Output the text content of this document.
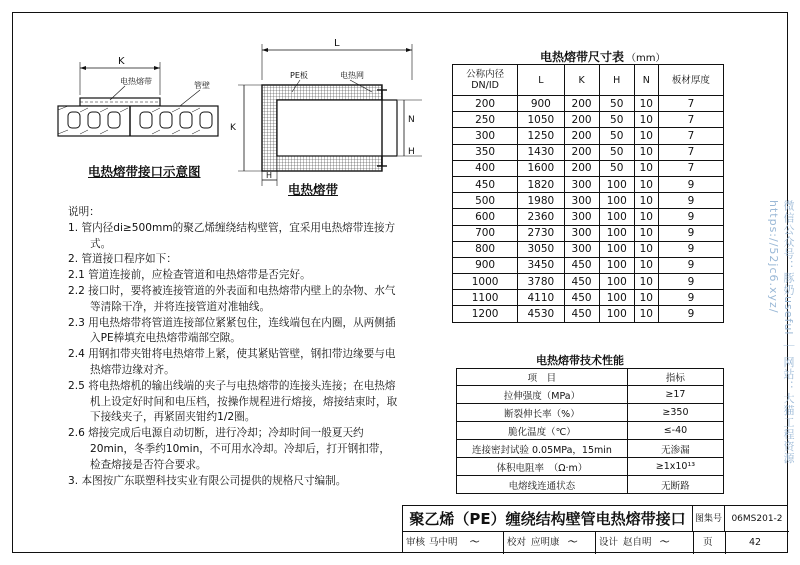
K
电热熔带	管壁
电热熔带接口示意图
L
PE板	电热网
K
N
H
H
电热熔带
电热熔带尺寸表 （mm）
公称内径
DN/ID	L	K	H	N	板材厚度
200	900	200	50	10	7
250	1050	200	50	10	7
300	1250	200	50	10	7
350	1430	200	50	10	7
400	1600	200	50	10	7
450	1820	300	100	10	9
500	1980	300	100	10	9
600	2360	300	100	10	9
700	2730	300	100	10	9
800	3050	300	100	10	9
900	3450	450	100	10	9
1000	3780	450	100	10	9
1100	4110	450	100	10	9
1200	4530	450	100	10	9
电热熔带技术性能
项　目	指标
拉伸强度（MPa）	≥17
断裂伸长率（%）	≥350
脆化温度（℃）	≤-40
连接密封试验 0.05MPa，15min	无渗漏
体积电阻率　（Ω·m）	≥1x10¹³
电熔线连通状态	无断路

说明：

1. 管内径di≥500mm的聚乙烯缠绕结构壁管，宜采用电热熔带连接方式。

2. 管道接口程序如下：

2.1 管道连接前，应检查管道和电热熔带是否完好。

2.2 接口时，要将被连接管道的外表面和电热熔带内壁上的杂物、水气等清除干净，并将连接管道对准轴线。

2.3 用电热熔带将管道连接部位紧紧包住，连线端包在内圈，从两侧插入PE棒填充电热熔带端部空隙。

2.4 用钢扣带夹钳将电热熔带上紧，使其紧贴管壁，钢扣带边缘要与电热熔带边缘对齐。

2.5 将电热熔机的输出线端的夹子与电热熔带的连接头连接；在电热熔机上设定好时间和电压档，按操作规程进行熔接，熔接结束时，取下接线夹子，再紧固夹钳约1/2圈。

2.6 熔接完成后电源自动切断，进行冷却；冷却时间一般夏天约20min，冬季约10min，不可用水冷却。冷却后，打开钢扣带，检查熔接是否符合要求。

3. 本图按广东联塑科技实业有限公司提供的规格尺寸编制。

聚乙烯（PE）缠绕结构壁管电热熔带接口	图集号	06MS201-2
审核 马中明 〜	校对 应明康 〜 设计 赵自明 〜	页	42
微信公众号：豚奶useful ｜ 网站：大猫工程资源 https://52jc6.xyz/
